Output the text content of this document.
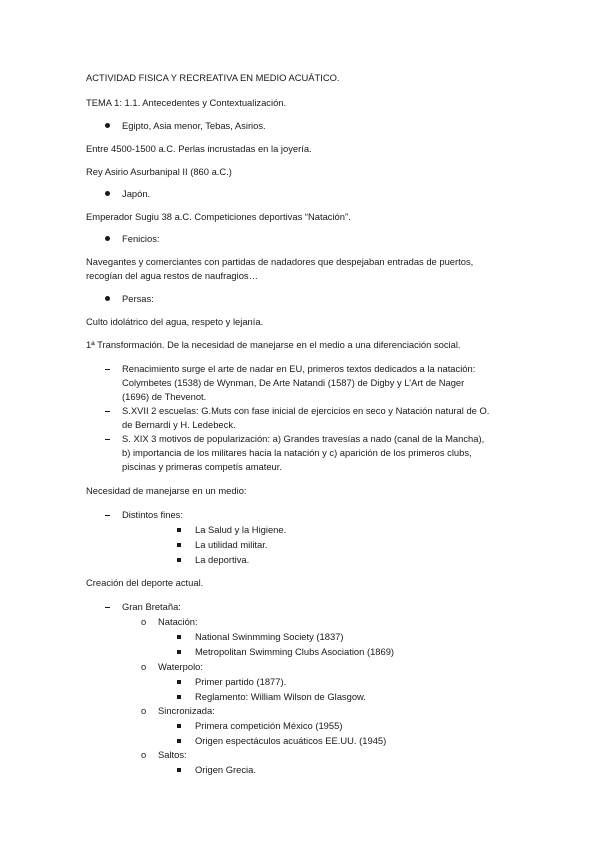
ACTIVIDAD FISICA Y RECREATIVA EN MEDIO ACUÁTICO.
TEMA 1: 1.1. Antecedentes y Contextualización.
Egipto, Asia menor, Tebas, Asirios.
Entre 4500-1500 a.C. Perlas incrustadas en la joyería.
Rey Asirio Asurbanipal II (860 a.C.)
Japón.
Emperador Sugiu 38 a.C. Competiciones deportivas “Natación”.
Fenicios:
Navegantes y comerciantes con partidas de nadadores que despejaban entradas de puertos,
recogían del agua restos de naufragios…
Persas:
Culto idolátrico del agua, respeto y lejanía.
1ª Transformación. De la necesidad de manejarse en el medio a una diferenciación social.
Renacimiento surge el arte de nadar en EU, primeros textos dedicados a la natación:
Colymbetes (1538) de Wynman, De Arte Natandi (1587) de Digby y L’Art de Nager
(1696) de Thevenot.
S.XVII 2 escuelas: G.Muts con fase inicial de ejercicios en seco y Natación natural de O.
de Bernardi y H. Ledebeck.
S. XIX 3 motivos de popularización: a) Grandes travesías a nado (canal de la Mancha),
b) importancia de los militares hacia la natación y c) aparición de los primeros clubs,
piscinas y primeras competís amateur.
Necesidad de manejarse en un medio:
Distintos fines:
La Salud y la Higiene.
La utilidad militar.
La deportiva.
Creación del deporte actual.
Gran Bretaña:
o Natación:
National Swinmming Society (1837)
Metropolitan Swimming Clubs Asociation (1869)
o Waterpolo:
Primer partido (1877).
Reglamento: William Wilson de Glasgow.
o Sincronizada:
Primera competición México (1955)
Origen espectáculos acuáticos EE.UU. (1945)
o Saltos:
Origen Grecia.
